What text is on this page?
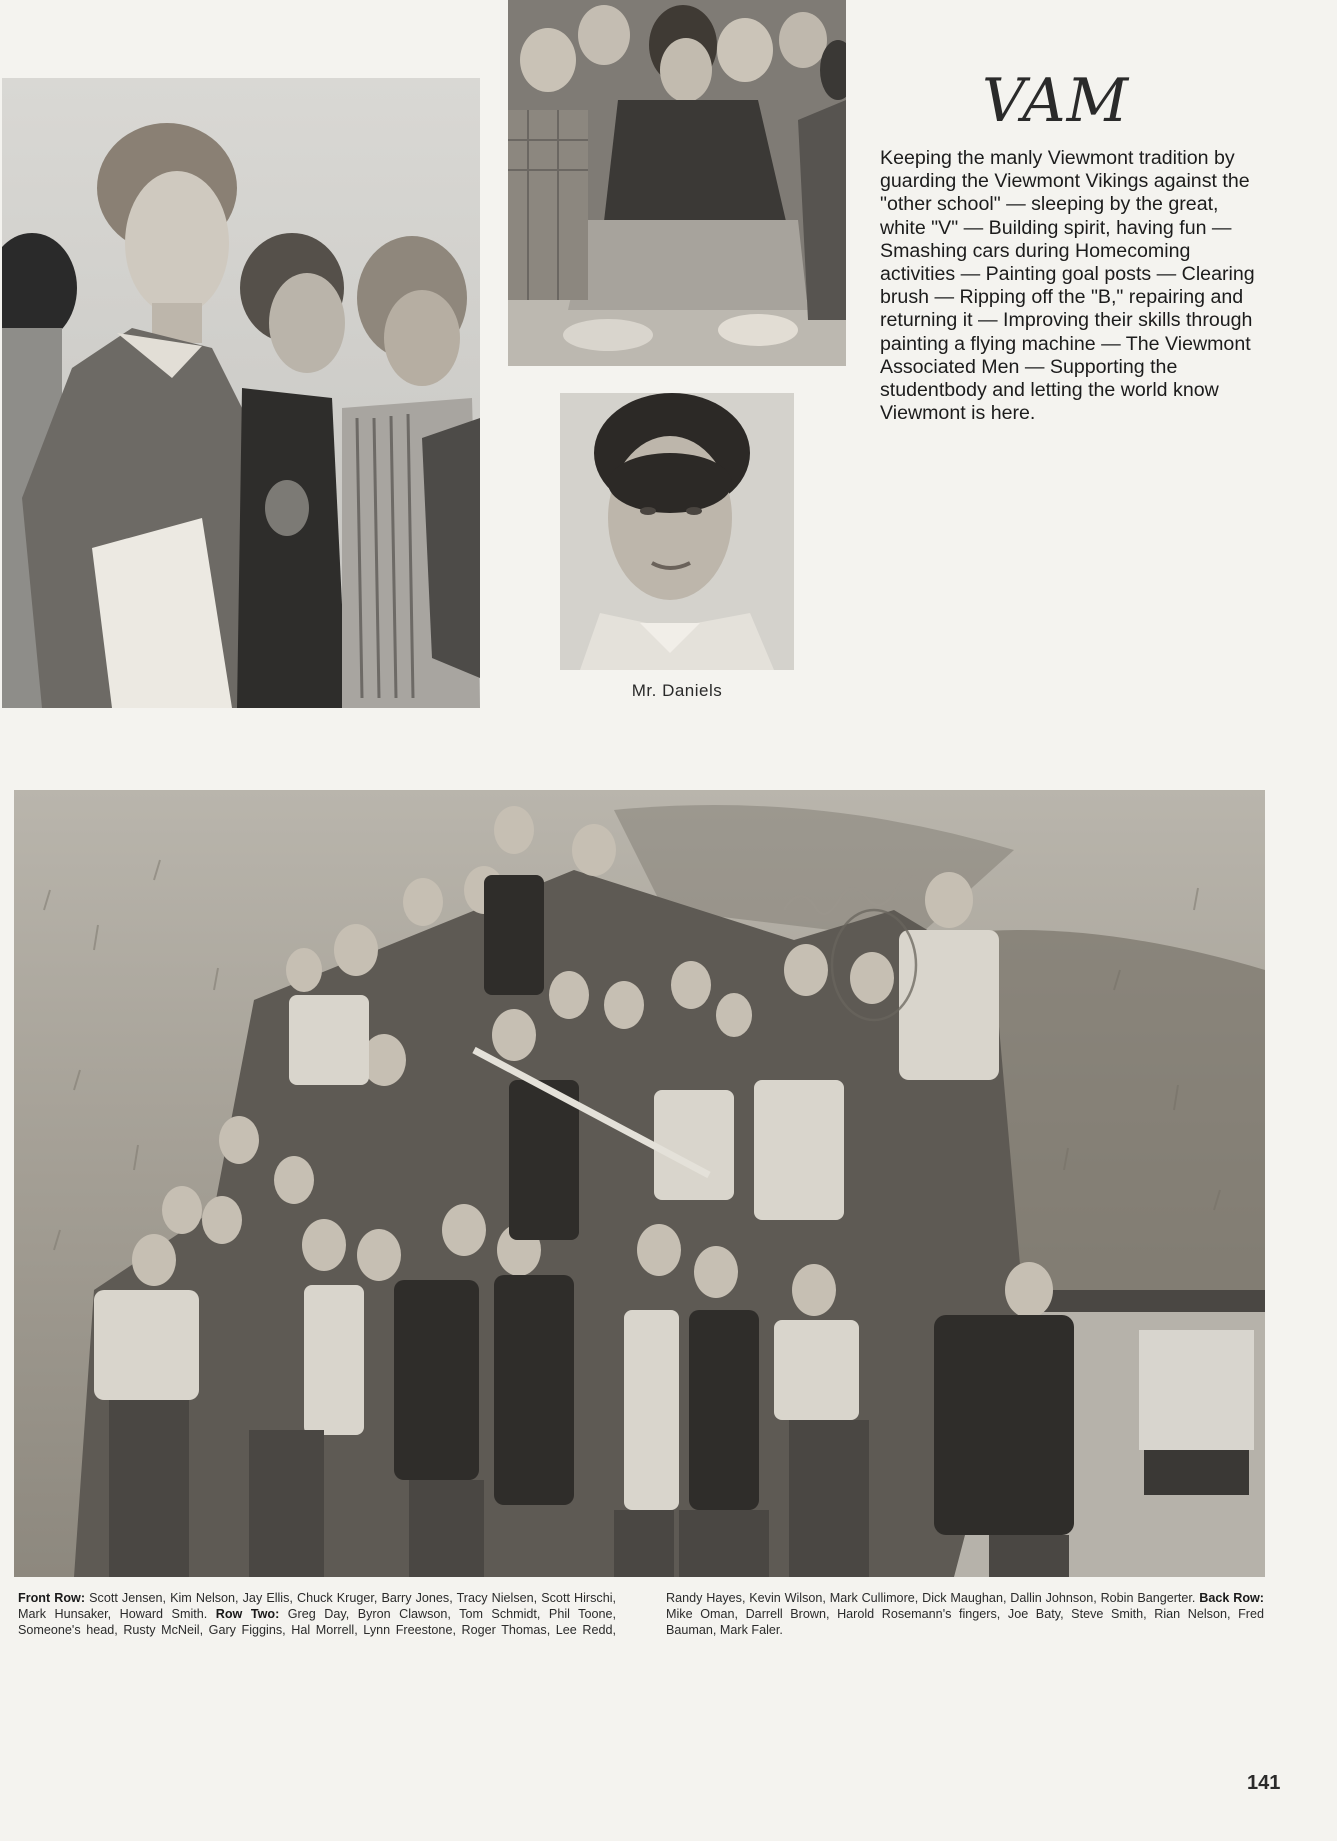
Mr. Daniels
VAM

Keeping the manly Viewmont tradition by guarding the Viewmont Vikings against the "other school" — sleeping by the great, white "V" — Building spirit, having fun — Smashing cars during Homecoming activities — Painting goal posts — Clearing brush — Ripping off the "B," repairing and returning it — Improving their skills through painting a flying machine — The Viewmont Associated Men — Supporting the studentbody and letting the world know Viewmont is here.

Front Row: Scott Jensen, Kim Nelson, Jay Ellis, Chuck Kruger, Barry Jones, Tracy Nielsen, Scott Hirschi, Mark Hunsaker, Howard Smith. Row Two: Greg Day, Byron Clawson, Tom Schmidt, Phil Toone, Someone's head, Rusty McNeil, Gary Figgins, Hal Morrell, Lynn Freestone, Roger Thomas, Lee Redd, Randy Hayes, Kevin Wilson, Mark Cullimore, Dick Maughan, Dallin Johnson, Robin Bangerter. Back Row: Mike Oman, Darrell Brown, Harold Rosemann's fingers, Joe Baty, Steve Smith, Rian Nelson, Fred Bauman, Mark Faler.
141
